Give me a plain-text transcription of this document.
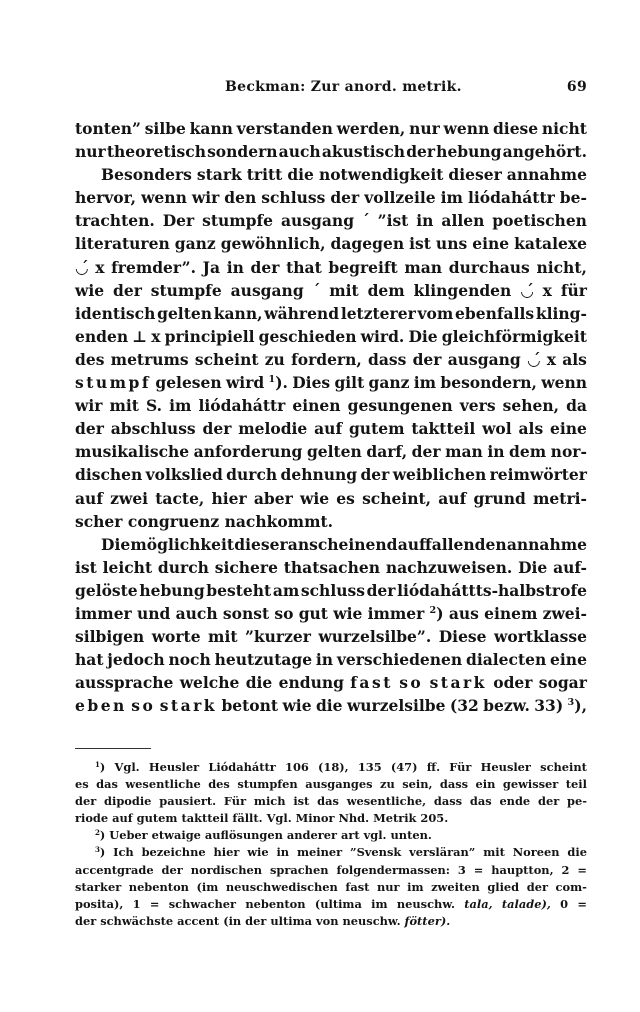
Beckman: Zur anord. metrik.	69
tonten” silbe kann verstanden werden, nur wenn diese nicht
nur theoretisch sondern auch akustisch der hebung angehört.
Besonders stark tritt die notwendigkeit dieser annahme
hervor, wenn wir den schluss der vollzeile im liódaháttr be-
trachten. Der stumpfe ausgang ˊ ”ist in allen poetischen
literaturen ganz gewöhnlich, dagegen ist uns eine katalexe
◡́ x fremder”. Ja in der that begreift man durchaus nicht,
wie der stumpfe ausgang ˊ mit dem klingenden ◡́ x für
identisch gelten kann, während letzterer vom ebenfalls kling-
enden ⊥ x principiell geschieden wird. Die gleichförmigkeit
des metrums scheint zu fordern, dass der ausgang ◡́ x als
stumpf gelesen wird $^1$). Dies gilt ganz im besondern, wenn
wir mit S. im liódaháttr einen gesungenen vers sehen, da
der abschluss der melodie auf gutem taktteil wol als eine
musikalische anforderung gelten darf, der man in dem nor-
dischen volkslied durch dehnung der weiblichen reimwörter
auf zwei tacte, hier aber wie es scheint, auf grund metri-
scher congruenz nachkommt.
Die möglichkeit dieser anscheinend auffallenden annahme
ist leicht durch sichere thatsachen nachzuweisen. Die auf-
gelöste hebung besteht am schluss der liódaháttts-halbstrofe
immer und auch sonst so gut wie immer $^2$) aus einem zwei-
silbigen worte mit ”kurzer wurzelsilbe”. Diese wortklasse
hat jedoch noch heutzutage in verschiedenen dialecten eine
aussprache welche die endung fast so stark oder sogar
eben so stark betont wie die wurzelsilbe (32 bezw. 33) $^3$),
$^1$) Vgl. Heusler Liódaháttr 106 (18), 135 (47) ff. Für Heusler scheint
es das wesentliche des stumpfen ausganges zu sein, dass ein gewisser teil
der dipodie pausiert. Für mich ist das wesentliche, dass das ende der pe-
riode auf gutem taktteil fällt. Vgl. Minor Nhd. Metrik 205.
$^2$) Ueber etwaige auflösungen anderer art vgl. unten.
$^3$) Ich bezeichne hier wie in meiner ”Svensk versläran” mit Noreen die
accentgrade der nordischen sprachen folgendermassen: 3 = hauptton, 2 =
starker nebenton (im neuschwedischen fast nur im zweiten glied der com-
posita), 1 = schwacher nebenton (ultima im neuschw. tala, talade), 0 =
der schwächste accent (in der ultima von neuschw. fötter).
